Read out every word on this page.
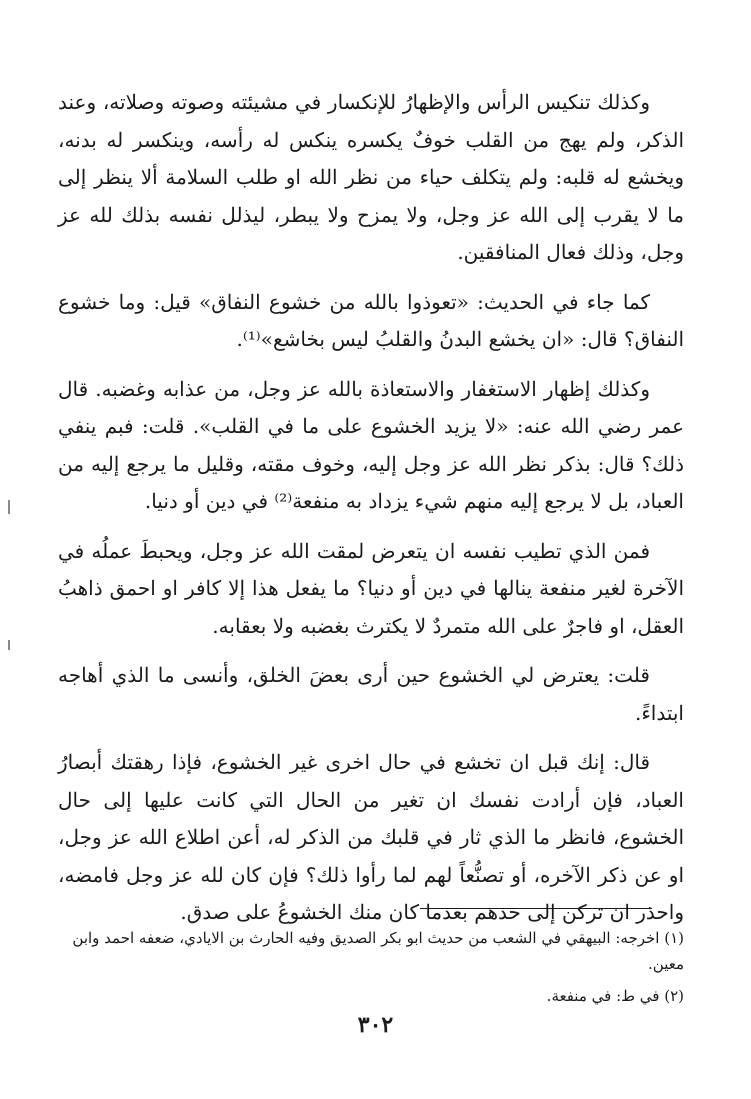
وكذلك تنكيس الرأس والإظهارُ للإنكسار في مشيئته وصوته وصلاته، وعند الذكر، ولم يهج من القلب خوفٌ يكسره ينكس له رأسه، وينكسر له بدنه، ويخشع له قلبه: ولم يتكلف حياء من نظر الله او طلب السلامة ألا ينظر إلى ما لا يقرب إلى الله عز وجل، ولا يمزح ولا يبطر، ليذلل نفسه بذلك لله عز وجل، وذلك فعال المنافقين.

كما جاء في الحديث: «تعوذوا بالله من خشوع النفاق» قيل: وما خشوع النفاق؟ قال: «ان يخشع البدنُ والقلبُ ليس بخاشع»⁽¹⁾.

وكذلك إظهار الاستغفار والاستعاذة بالله عز وجل، من عذابه وغضبه. قال عمر رضي الله عنه: «لا يزيد الخشوع على ما في القلب». قلت: فبم ينفي ذلك؟ قال: بذكر نظر الله عز وجل إليه، وخوف مقته، وقليل ما يرجع إليه من العباد، بل لا يرجع إليه منهم شيء يزداد به منفعة⁽²⁾ في دين أو دنيا.

فمن الذي تطيب نفسه ان يتعرض لمقت الله عز وجل، ويحبطَ عملُه في الآخرة لغير منفعة ينالها في دين أو دنيا؟ ما يفعل هذا إلا كافر او احمق ذاهبُ العقل، او فاجرٌ على الله متمردٌ لا يكترث بغضبه ولا بعقابه.

قلت: يعترض لي الخشوع حين أرى بعضَ الخلق، وأنسى ما الذي أهاجه ابتداءً.

قال: إنك قبل ان تخشع في حال اخرى غير الخشوع، فإذا رهقتك أبصارُ العباد، فإن أرادت نفسك ان تغير من الحال التي كانت عليها إلى حال الخشوع، فانظر ما الذي ثار في قلبك من الذكر له، أعن اطلاع الله عز وجل، او عن ذكر الآخره، أو تصنُّعاً لهم لما رأوا ذلك؟ فإن كان لله عز وجل فامضه، واحذر ان تركن إلى حدهم بعدما كان منك الخشوعُ على صدق.

(١) اخرجه: البيهقي في الشعب من حديث ابو بكر الصديق وفيه الحارث بن الايادي، ضعفه احمد وابن معين.

(٢) في ط: في منفعة.

٣٠٢
